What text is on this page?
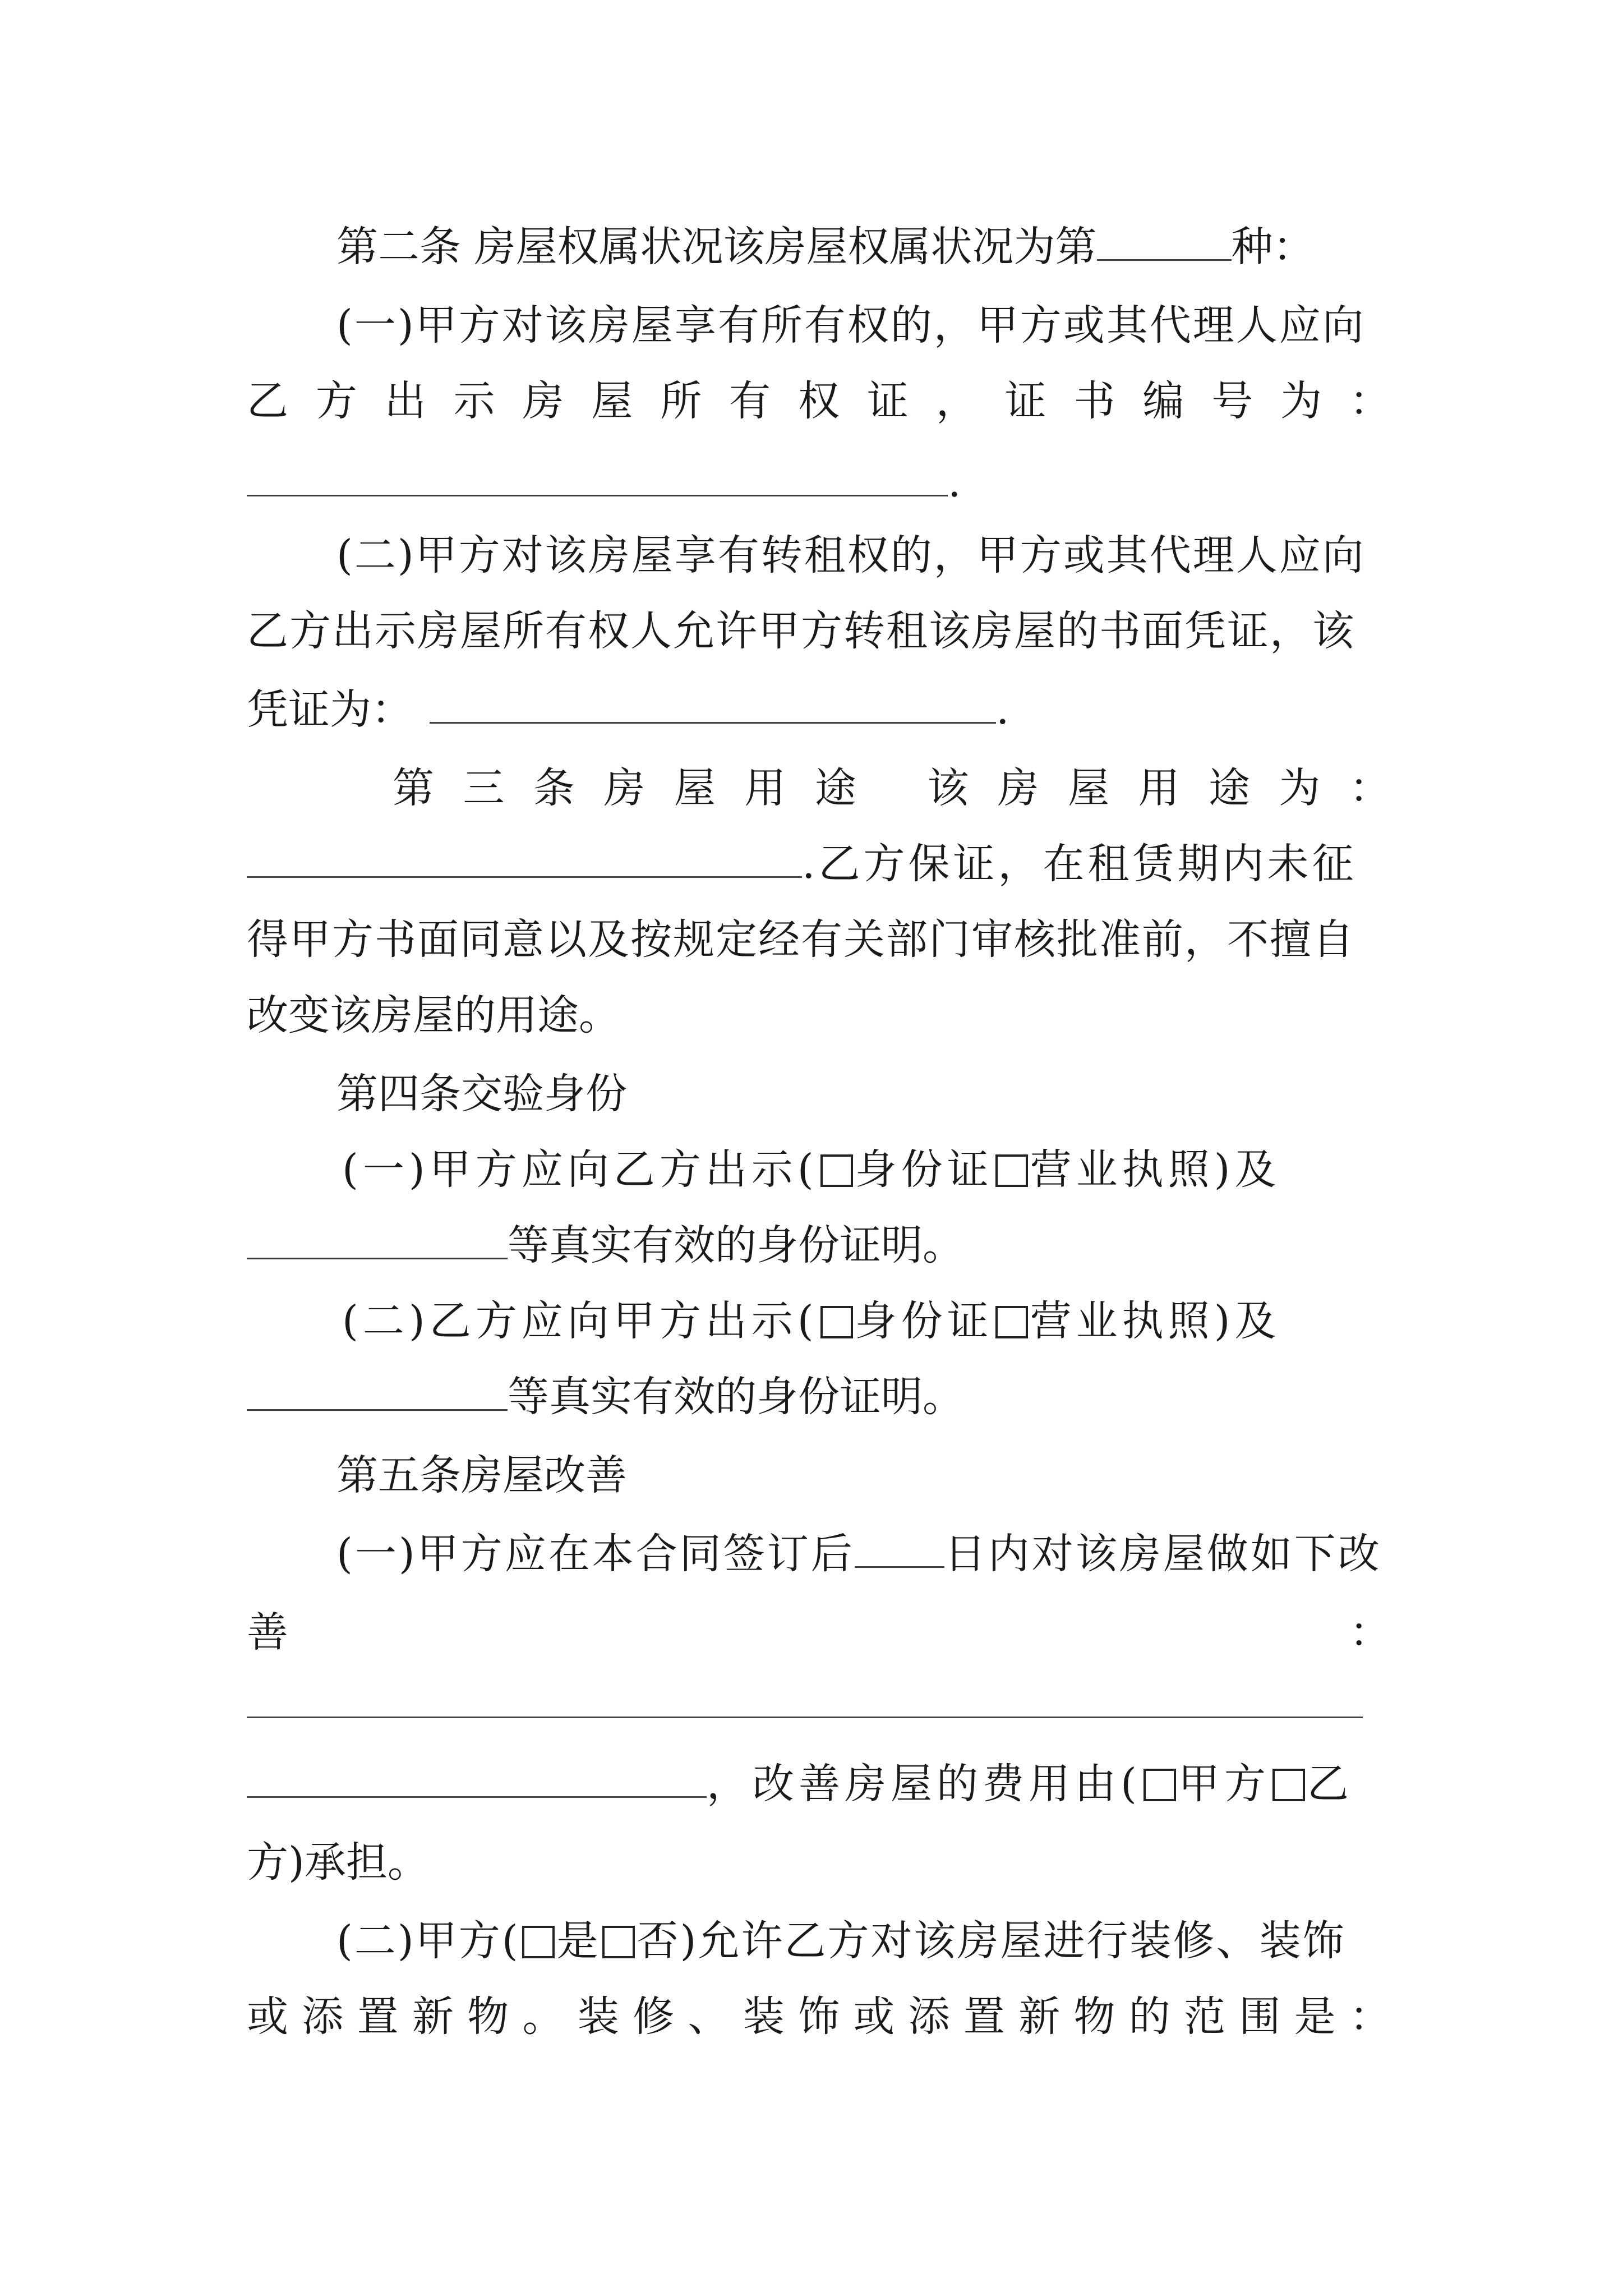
第二条 房屋权属状况该房屋权属状况为第	种：
(一)甲方对该房屋享有所有权的，甲方或其代理人应向
乙 方 出 示 房 屋 所 有 权 证 ， 证 书 编 号 为 ：
.
(二)甲方对该房屋享有转租权的，甲方或其代理人应向
乙方出示房屋所有权人允许甲方转租该房屋的书面凭证，该
凭证为：	.
第 三 条 房 屋 用 途
该 房 屋 用 途 为 ：
.乙方保证，在租赁期内未征
得甲方书面同意以及按规定经有关部门审核批准前，不擅自
改变该房屋的用途。
第四条交验身份
(一)甲方应向乙方出示( 身份证 营业执照)及
等真实有效的身份证明。
(二)乙方应向甲方出示( 身份证 营业执照)及
等真实有效的身份证明。
第五条房屋改善
(一)甲方应在本合同签订后 日内对该房屋做如下改
善	：
，改善房屋的费用由( 甲方 乙
方)承担。
(二)甲方( 是 否)允许乙方对该房屋进行装修、装饰
或 添 置 新 物 。 装 修 、 装 饰 或 添 置 新 物 的 范 围 是 ：
